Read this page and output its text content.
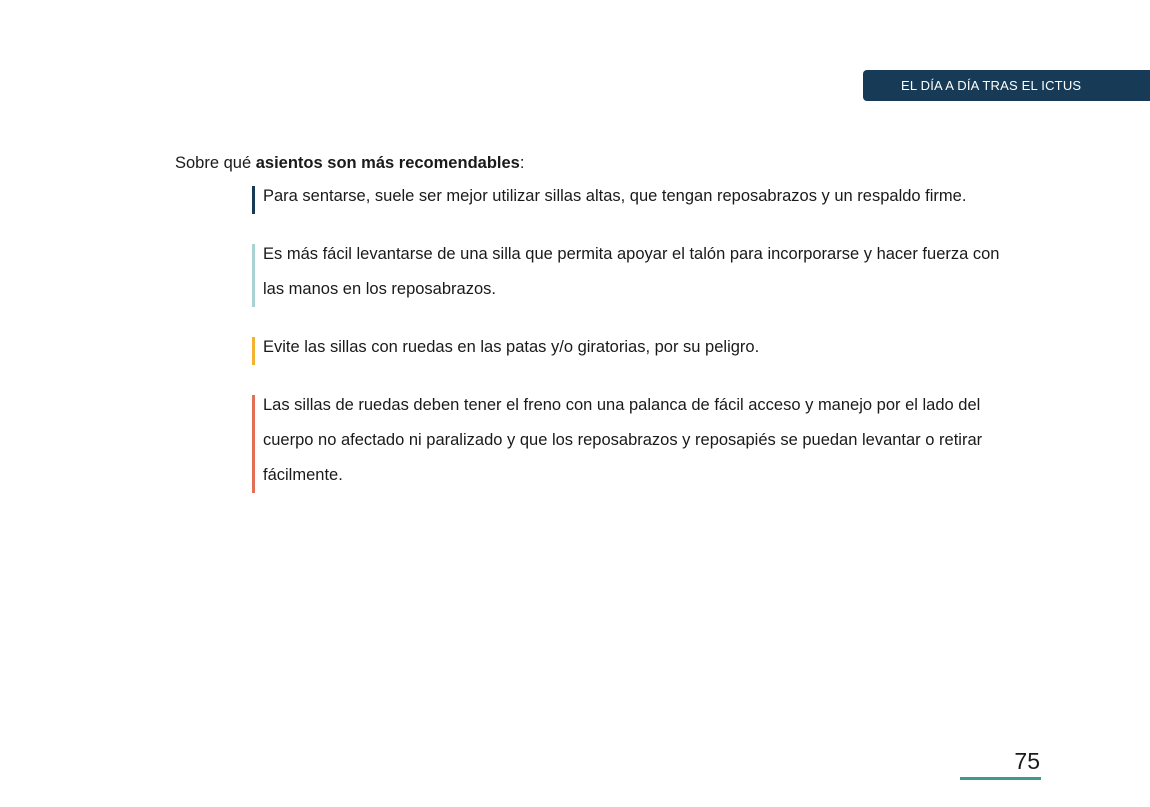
EL DÍA A DÍA TRAS EL ICTUS
Sobre qué asientos son más recomendables:
Para sentarse, suele ser mejor utilizar sillas altas, que tengan reposabrazos y un respaldo firme.
Es más fácil levantarse de una silla que permita apoyar el talón para incorporarse y hacer fuerza con las manos en los reposabrazos.
Evite las sillas con ruedas en las patas y/o giratorias, por su peligro.
Las sillas de ruedas deben tener el freno con una palanca de fácil acceso y manejo por el lado del cuerpo no afectado ni paralizado y que los reposabrazos y reposapiés se puedan levantar o retirar fácilmente.
75
